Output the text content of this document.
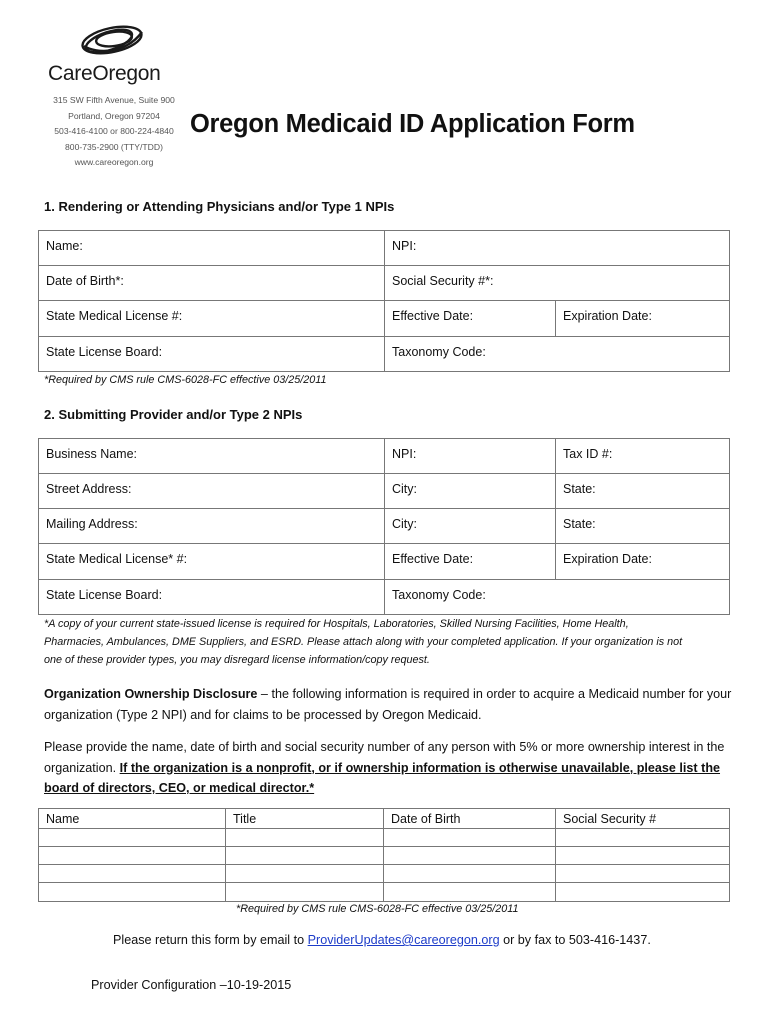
CareOregon
315 SW Fifth Avenue, Suite 900
Portland, Oregon 97204
503-416-4100 or 800-224-4840
800-735-2900 (TTY/TDD)
www.careoregon.org
Oregon Medicaid ID Application Form
1. Rendering or Attending Physicians and/or Type 1 NPIs
Name:	NPI:	
Date of Birth*:	Social Security #*:	
State Medical License #:	Effective Date:	Expiration Date:
State License Board:	Taxonomy Code:	
*Required by CMS rule CMS-6028-FC effective 03/25/2011
2. Submitting Provider and/or Type 2 NPIs
Business Name:	NPI:	Tax ID #:
Street Address:	City:	State:
Mailing Address:	City:	State:
State Medical License* #:	Effective Date:	Expiration Date:
State License Board:	Taxonomy Code:	
*A copy of your current state-issued license is required for Hospitals, Laboratories, Skilled Nursing Facilities, Home Health,
Pharmacies, Ambulances, DME Suppliers, and ESRD. Please attach along with your completed application. If your organization is not
one of these provider types, you may disregard license information/copy request.
Organization Ownership Disclosure – the following information is required in order to acquire a Medicaid number for your organization (Type 2 NPI) and for claims to be processed by Oregon Medicaid.
Please provide the name, date of birth and social security number of any person with 5% or more ownership interest in the organization. If the organization is a nonprofit, or if ownership information is otherwise unavailable, please list the board of directors, CEO, or medical director.*
Name	Title	Date of Birth	Social Security #

*Required by CMS rule CMS-6028-FC effective 03/25/2011
Please return this form by email to ProviderUpdates@careoregon.org or by fax to 503-416-1437.
Provider Configuration –10-19-2015
